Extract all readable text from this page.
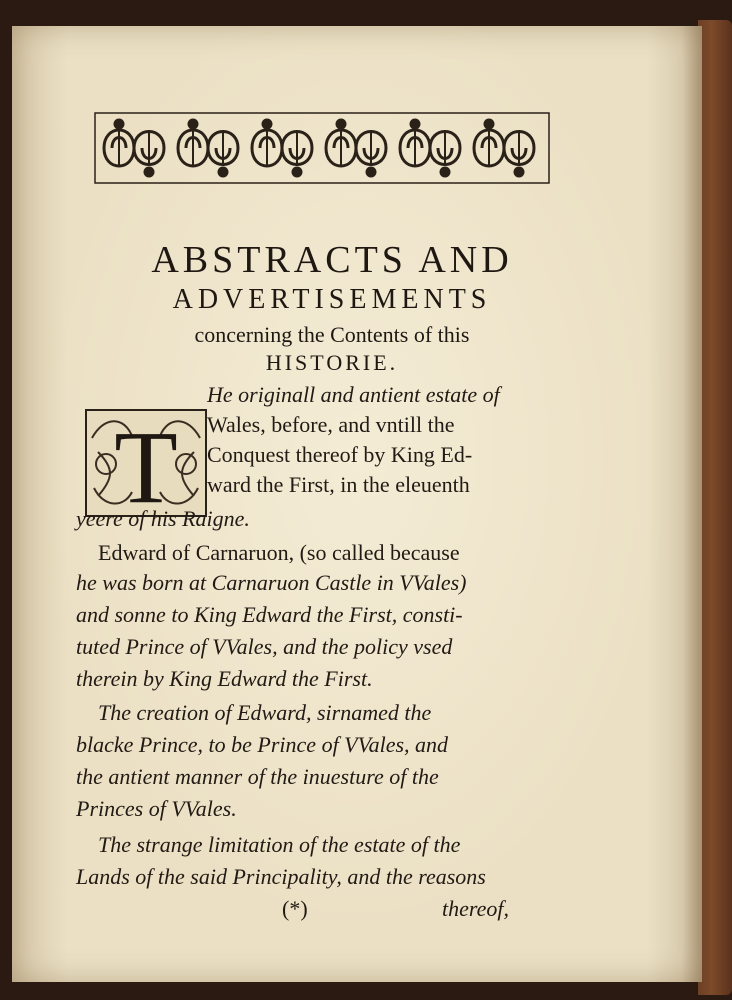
ABSTRACTS AND
ADVERTISEMENTS
concerning the Contents of this
HISTORIE.
T
He originall and antient estate of
Wales, before, and vntill the
Conquest thereof by King Ed-
ward the First, in the eleuenth
yeere of his Raigne.
Edward of Carnaruon, (so called because
he was born at Carnaruon Castle in VVales)
and sonne to King Edward the First, consti-
tuted Prince of VVales, and the policy vsed
therein by King Edward the First.
The creation of Edward, sirnamed the
blacke Prince, to be Prince of VVales, and
the antient manner of the inuesture of the
Princes of VVales.
The strange limitation of the estate of the
Lands of the said Principality, and the reasons
(*)	thereof,
